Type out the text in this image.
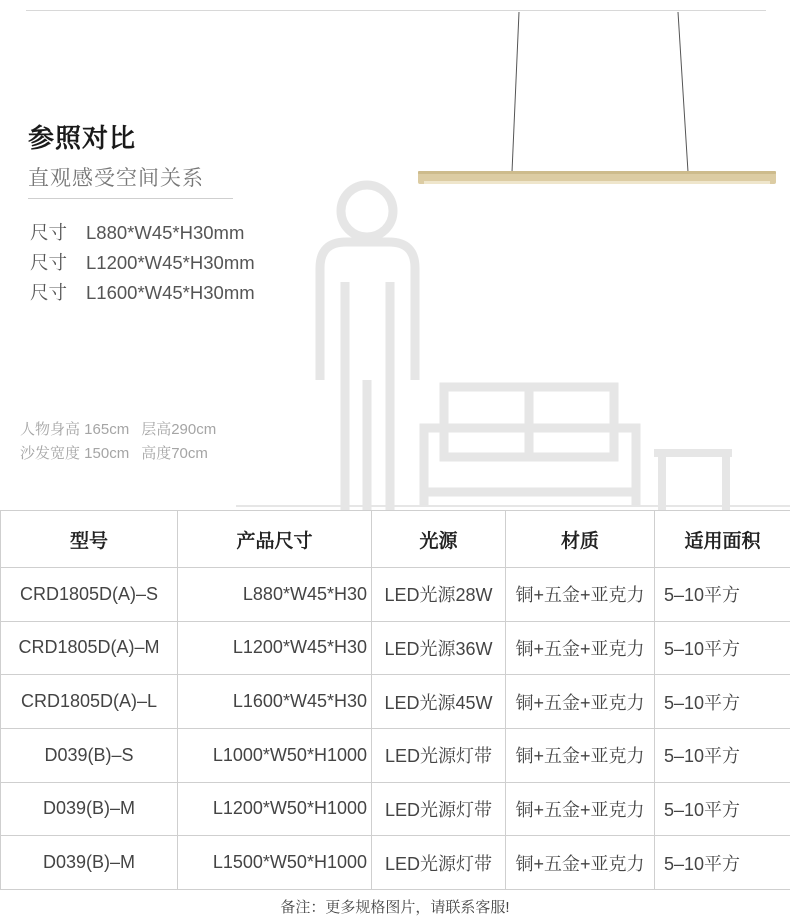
参照对比
直观感受空间关系
尺寸 L880*W45*H30mm
尺寸 L1200*W45*H30mm
尺寸 L1600*W45*H30mm
人物身高 165cm 层高290cm
沙发宽度 150cm 高度70cm
型号	产品尺寸	光源	材质	适用面积
CRD1805D(A)–S	L880*W45*H30	LED光源28W	铜+五金+亚克力	5–10平方
CRD1805D(A)–M	L1200*W45*H30	LED光源36W	铜+五金+亚克力	5–10平方
CRD1805D(A)–L	L1600*W45*H30	LED光源45W	铜+五金+亚克力	5–10平方
D039(B)–S	L1000*W50*H1000	LED光源灯带	铜+五金+亚克力	5–10平方
D039(B)–M	L1200*W50*H1000	LED光源灯带	铜+五金+亚克力	5–10平方
D039(B)–M	L1500*W50*H1000	LED光源灯带	铜+五金+亚克力	5–10平方
备注：更多规格图片，请联系客服!
